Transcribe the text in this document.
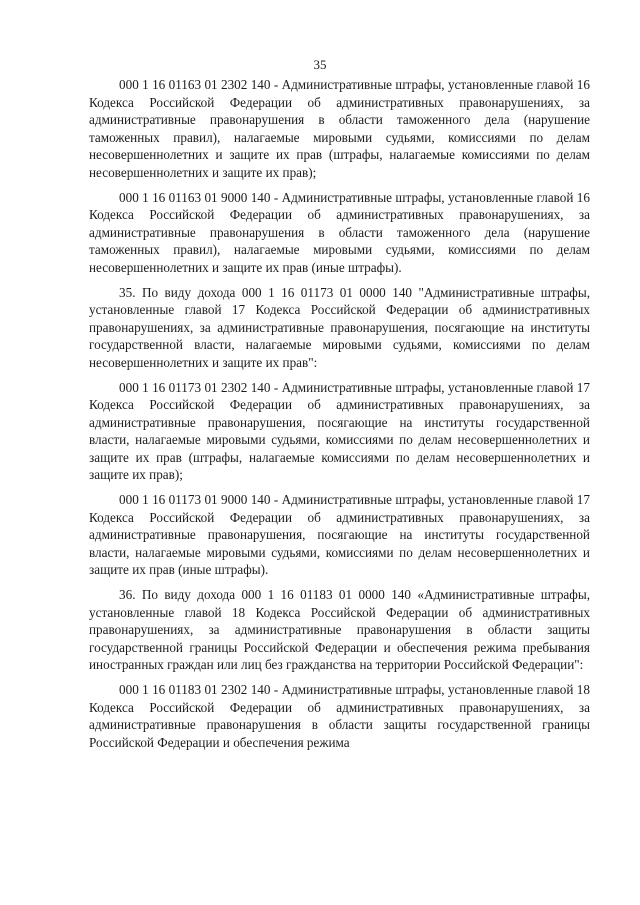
35

000 1 16 01163 01 2302 140 - Административные штрафы, установленные главой 16 Кодекса Российской Федерации об административных правонарушениях, за административные правонарушения в области таможенного дела (нарушение таможенных правил), налагаемые мировыми судьями, комиссиями по делам несовершеннолетних и защите их прав (штрафы, налагаемые комиссиями по делам несовершеннолетних и защите их прав);

000 1 16 01163 01 9000 140 - Административные штрафы, установленные главой 16 Кодекса Российской Федерации об административных правонарушениях, за административные правонарушения в области таможенного дела (нарушение таможенных правил), налагаемые мировыми судьями, комиссиями по делам несовершеннолетних и защите их прав (иные штрафы).

35. По виду дохода 000 1 16 01173 01 0000 140 "Административные штрафы, установленные главой 17 Кодекса Российской Федерации об административных правонарушениях, за административные правонарушения, посягающие на институты государственной власти, налагаемые мировыми судьями, комиссиями по делам несовершеннолетних и защите их прав":

000 1 16 01173 01 2302 140 - Административные штрафы, установленные главой 17 Кодекса Российской Федерации об административных правонарушениях, за административные правонарушения, посягающие на институты государственной власти, налагаемые мировыми судьями, комиссиями по делам несовершеннолетних и защите их прав (штрафы, налагаемые комиссиями по делам несовершеннолетних и защите их прав);

000 1 16 01173 01 9000 140 - Административные штрафы, установленные главой 17 Кодекса Российской Федерации об административных правонарушениях, за административные правонарушения, посягающие на институты государственной власти, налагаемые мировыми судьями, комиссиями по делам несовершеннолетних и защите их прав (иные штрафы).

36. По виду дохода 000 1 16 01183 01 0000 140 «Административные штрафы, установленные главой 18 Кодекса Российской Федерации об административных правонарушениях, за административные правонарушения в области защиты государственной границы Российской Федерации и обеспечения режима пребывания иностранных граждан или лиц без гражданства на территории Российской Федерации":

000 1 16 01183 01 2302 140 - Административные штрафы, установленные главой 18 Кодекса Российской Федерации об административных правонарушениях, за административные правонарушения в области защиты государственной границы Российской Федерации и обеспечения режима
